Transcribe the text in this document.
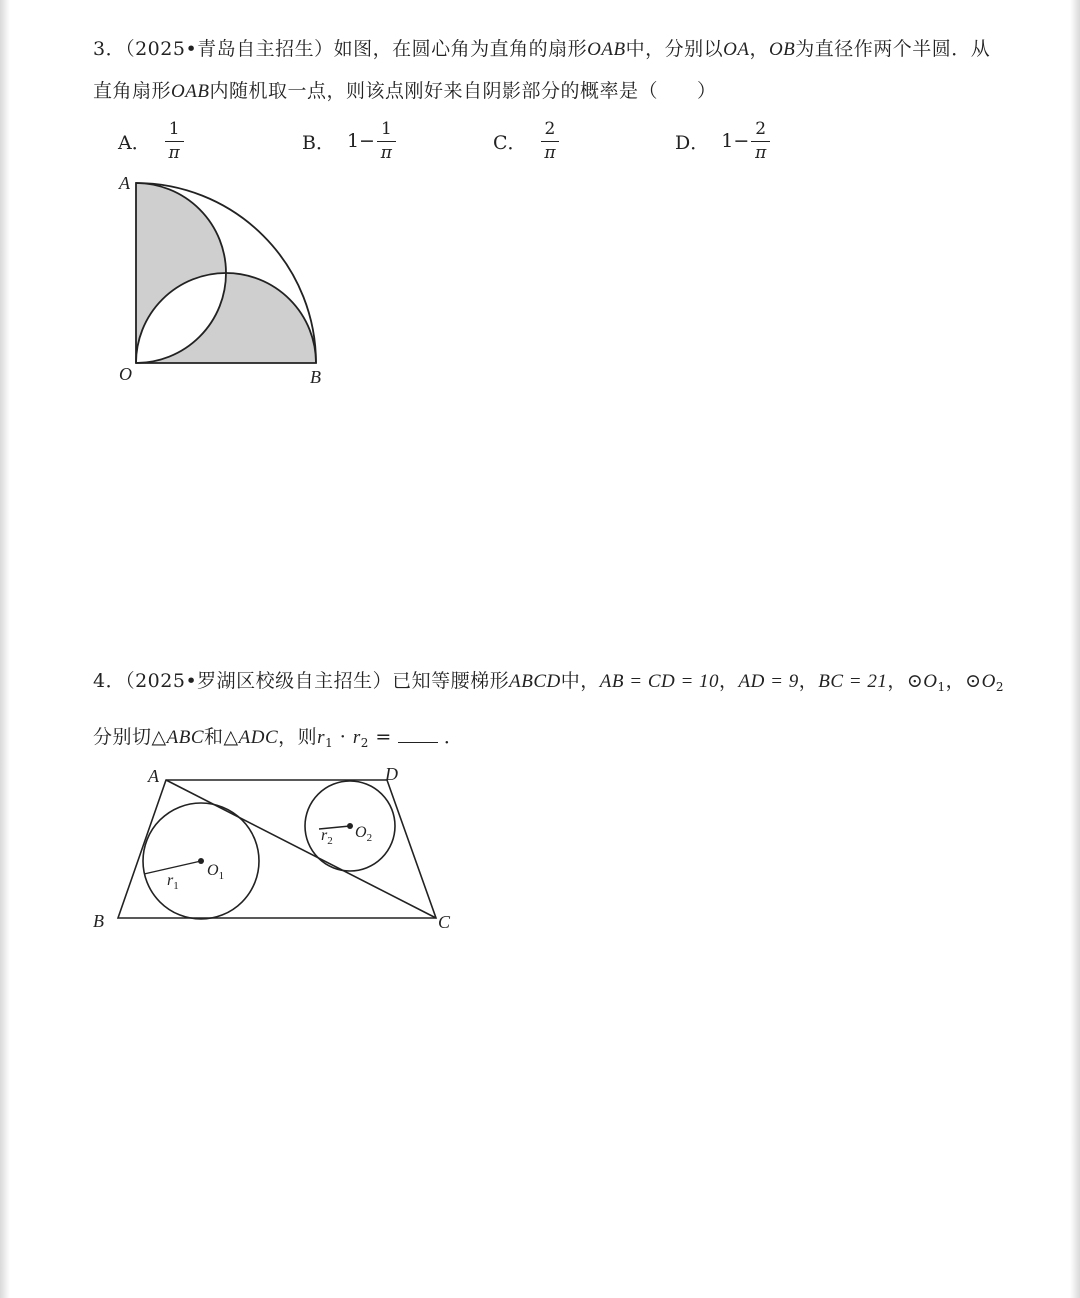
3．（2025•青岛自主招生）如图，在圆心角为直角的扇形OAB中，分别以OA，OB为直径作两个半圆．从
直角扇形OAB内随机取一点，则该点刚好来自阴影部分的概率是（　　）
A． $\frac{1}{\pi}$	B． $1- \frac{1}{\pi}$	C． $\frac{2}{\pi}$	D． $1- \frac{2}{\pi}$
A
O	B
4．（2025•罗湖区校级自主招生）已知等腰梯形ABCD中，AB = CD = 10，AD = 9，BC = 21，$⊙O_1$，$⊙O_2$
分别切△ABC和△ADC，则$r_1 \cdot r_2$ =	．
A	D
B	C
$O_1$
$O_2$
$r_1$
$r_2$
